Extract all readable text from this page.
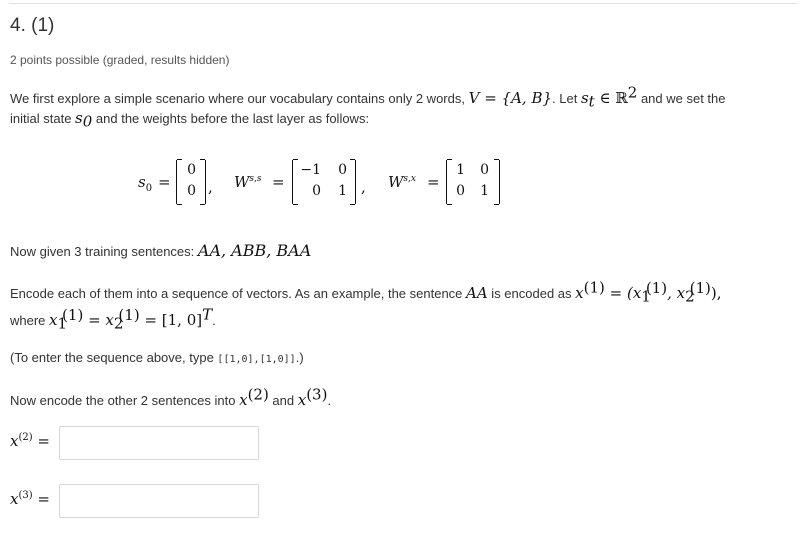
4. (1)
2 points possible (graded, results hidden)
We first explore a simple scenario where our vocabulary contains only 2 words, V = {A, B}. Let $s_t$ ∈ ℝ$^2$ and we set the
initial state $s_0$ and the weights before the last layer as follows:
$s_0$ =
0
0 , W$^{s,s}$ =
−1	0
0	1 , W$^{s,x}$ =
1	0
0	1
Now given 3 training sentences: AA, ABB, BAA
Encode each of them into a sequence of vectors. As an example, the sentence AA is encoded as $x^{(1)} = (x_1^{(1)}$, $x_2^{(1)}$),
where $x_1^{(1)} = x_2^{(1)} = [1$, 0]$^T$.
(To enter the sequence above, type [[1,0],[1,0]].)
Now encode the other 2 sentences into $x^{(2)}$ and $x^{(3)}$.
$x^{(2)}$ =
$x^{(3)}$ =
